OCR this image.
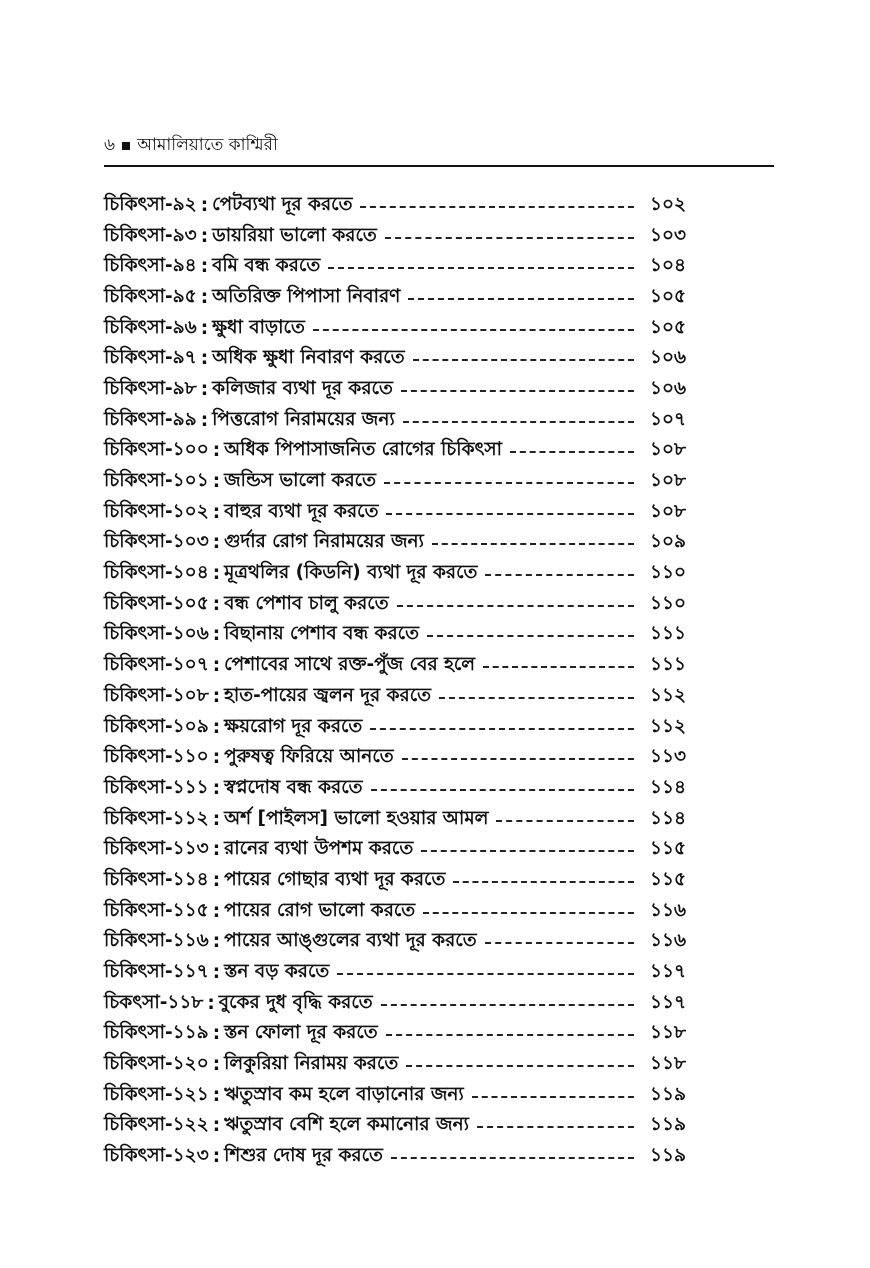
৬ আমালিয়াতে কাশ্মিরী
চিকিৎসা-৯২ : পেটব্যথা দূর করতে	১০২
চিকিৎসা-৯৩ : ডায়রিয়া ভালো করতে	১০৩
চিকিৎসা-৯৪ : বমি বন্ধ করতে	১০৪
চিকিৎসা-৯৫ : অতিরিক্ত পিপাসা নিবারণ	১০৫
চিকিৎসা-৯৬ : ক্ষুধা বাড়াতে	১০৫
চিকিৎসা-৯৭ : অধিক ক্ষুধা নিবারণ করতে	১০৬
চিকিৎসা-৯৮ : কলিজার ব্যথা দূর করতে	১০৬
চিকিৎসা-৯৯ : পিত্তরোগ নিরাময়ের জন্য	১০৭
চিকিৎসা-১০০ : অধিক পিপাসাজনিত রোগের চিকিৎসা	১০৮
চিকিৎসা-১০১ : জন্ডিস ভালো করতে	১০৮
চিকিৎসা-১০২ : বাহুর ব্যথা দূর করতে	১০৮
চিকিৎসা-১০৩ : গুর্দার রোগ নিরাময়ের জন্য	১০৯
চিকিৎসা-১০৪ : মূত্রথলির (কিডনি) ব্যথা দূর করতে	১১০
চিকিৎসা-১০৫ : বন্ধ পেশাব চালু করতে	১১০
চিকিৎসা-১০৬ : বিছানায় পেশাব বন্ধ করতে	১১১
চিকিৎসা-১০৭ : পেশাবের সাথে রক্ত-পুঁজ বের হলে	১১১
চিকিৎসা-১০৮ : হাত-পায়ের জ্বলন দূর করতে	১১২
চিকিৎসা-১০৯ : ক্ষয়রোগ দূর করতে	১১২
চিকিৎসা-১১০ : পুরুষত্ব ফিরিয়ে আনতে	১১৩
চিকিৎসা-১১১ : স্বপ্নদোষ বন্ধ করতে	১১৪
চিকিৎসা-১১২ : অর্শ [পাইলস] ভালো হওয়ার আমল	১১৪
চিকিৎসা-১১৩ : রানের ব্যথা উপশম করতে	১১৫
চিকিৎসা-১১৪ : পায়ের গোছার ব্যথা দূর করতে	১১৫
চিকিৎসা-১১৫ : পায়ের রোগ ভালো করতে	১১৬
চিকিৎসা-১১৬ : পায়ের আঙ্গুলের ব্যথা দূর করতে	১১৬
চিকিৎসা-১১৭ : স্তন বড় করতে	১১৭
চিকৎসা-১১৮ : বুকের দুধ বৃদ্ধি করতে	১১৭
চিকিৎসা-১১৯ : স্তন ফোলা দূর করতে	১১৮
চিকিৎসা-১২০ : লিকুরিয়া নিরাময় করতে	১১৮
চিকিৎসা-১২১ : ঋতুস্রাব কম হলে বাড়ানোর জন্য	১১৯
চিকিৎসা-১২২ : ঋতুস্রাব বেশি হলে কমানোর জন্য	১১৯
চিকিৎসা-১২৩ : শিশুর দোষ দূর করতে	১১৯
